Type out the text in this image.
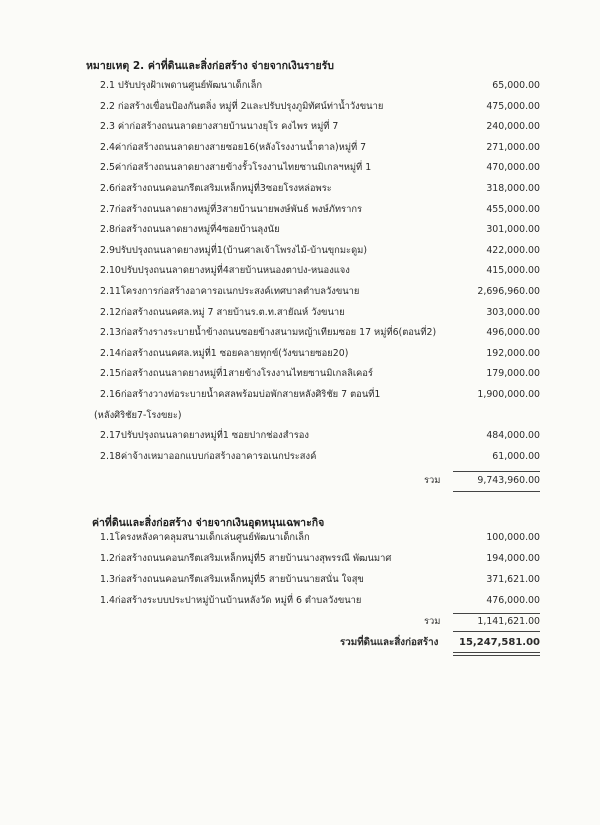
หมายเหตุ 2. ค่าที่ดินและสิ่งก่อสร้าง จ่ายจากเงินรายรับ
2.1 ปรับปรุงฝ้าเพดานศูนย์พัฒนาเด็กเล็ก	65,000.00
2.2 ก่อสร้างเขื่อนป้องกันตลิ่ง หมู่ที่ 2และปรับปรุงภูมิทัศน์ท่าน้ำวังขนาย	475,000.00
2.3 ค่าก่อสร้างถนนลาดยางสายบ้านนางยุโร คงไพร หมู่ที่ 7	240,000.00
2.4ค่าก่อสร้างถนนลาดยางสายซอย16(หลังโรงงานน้ำตาล)หมู่ที่ 7	271,000.00
2.5ค่าก่อสร้างถนนลาดยางสายข้างรั้วโรงงานไทยซานมิเกลฯหมู่ที่ 1	470,000.00
2.6ก่อสร้างถนนคอนกรีตเสริมเหล็กหมู่ที่3ซอยโรงหล่อพระ	318,000.00
2.7ก่อสร้างถนนลาดยางหมู่ที่3สายบ้านนายพงษ์พันธ์ พงษ์ภัทรากร	455,000.00
2.8ก่อสร้างถนนลาดยางหมู่ที่4ซอยบ้านลุงนัย	301,000.00
2.9ปรับปรุงถนนลาดยางหมู่ที่1(บ้านศาลเจ้าโพรงไม้-บ้านขุกมะดูม)	422,000.00
2.10ปรับปรุงถนนลาดยางหมู่ที่4สายบ้านหนองตาปง-หนองแจง	415,000.00
2.11โครงการก่อสร้างอาคารอเนกประสงค์เทศบาลตำบลวังขนาย	2,696,960.00
2.12ก่อสร้างถนนคศล.หมู่ 7 สายบ้านร.ต.ท.สายัณห์ วังขนาย	303,000.00
2.13ก่อสร้างรางระบายน้ำข้างถนนซอยข้างสนามหญ้าเทียมซอย 17 หมู่ที่6(ตอนที่2)	496,000.00
2.14ก่อสร้างถนนคศล.หมู่ที่1 ซอยคลายทุกข์(วังขนายซอย20)	192,000.00
2.15ก่อสร้างถนนลาดยางหมู่ที่1สายข้างโรงงานไทยซานมิเกลลิเคอร์	179,000.00
2.16ก่อสร้างวางท่อระบายน้ำคสลพร้อมบ่อพักสายหลังศิริชัย 7 ตอนที่1	1,900,000.00
(หลังศิริชัย7-โรงขยะ)
2.17ปรับปรุงถนนลาดยางหมู่ที่1 ซอยปากช่องสำรอง	484,000.00
2.18ค่าจ้างเหมาออกแบบก่อสร้างอาคารอเนกประสงค์	61,000.00
รวม	9,743,960.00
ค่าที่ดินและสิ่งก่อสร้าง จ่ายจากเงินอุดหนุนเฉพาะกิจ
1.1โครงหลังคาคลุมสนามเด็กเล่นศูนย์พัฒนาเด็กเล็ก	100,000.00
1.2ก่อสร้างถนนคอนกรีตเสริมเหล็กหมู่ที่5 สายบ้านนางสุพรรณี พัฒนมาศ	194,000.00
1.3ก่อสร้างถนนคอนกรีตเสริมเหล็กหมู่ที่5 สายบ้านนายสนั่น ใจสุข	371,621.00
1.4ก่อสร้างระบบประปาหมู่บ้านบ้านหลังวัด หมู่ที่ 6 ตำบลวังขนาย	476,000.00
รวม	1,141,621.00
รวมที่ดินและสิ่งก่อสร้าง 15,247,581.00
